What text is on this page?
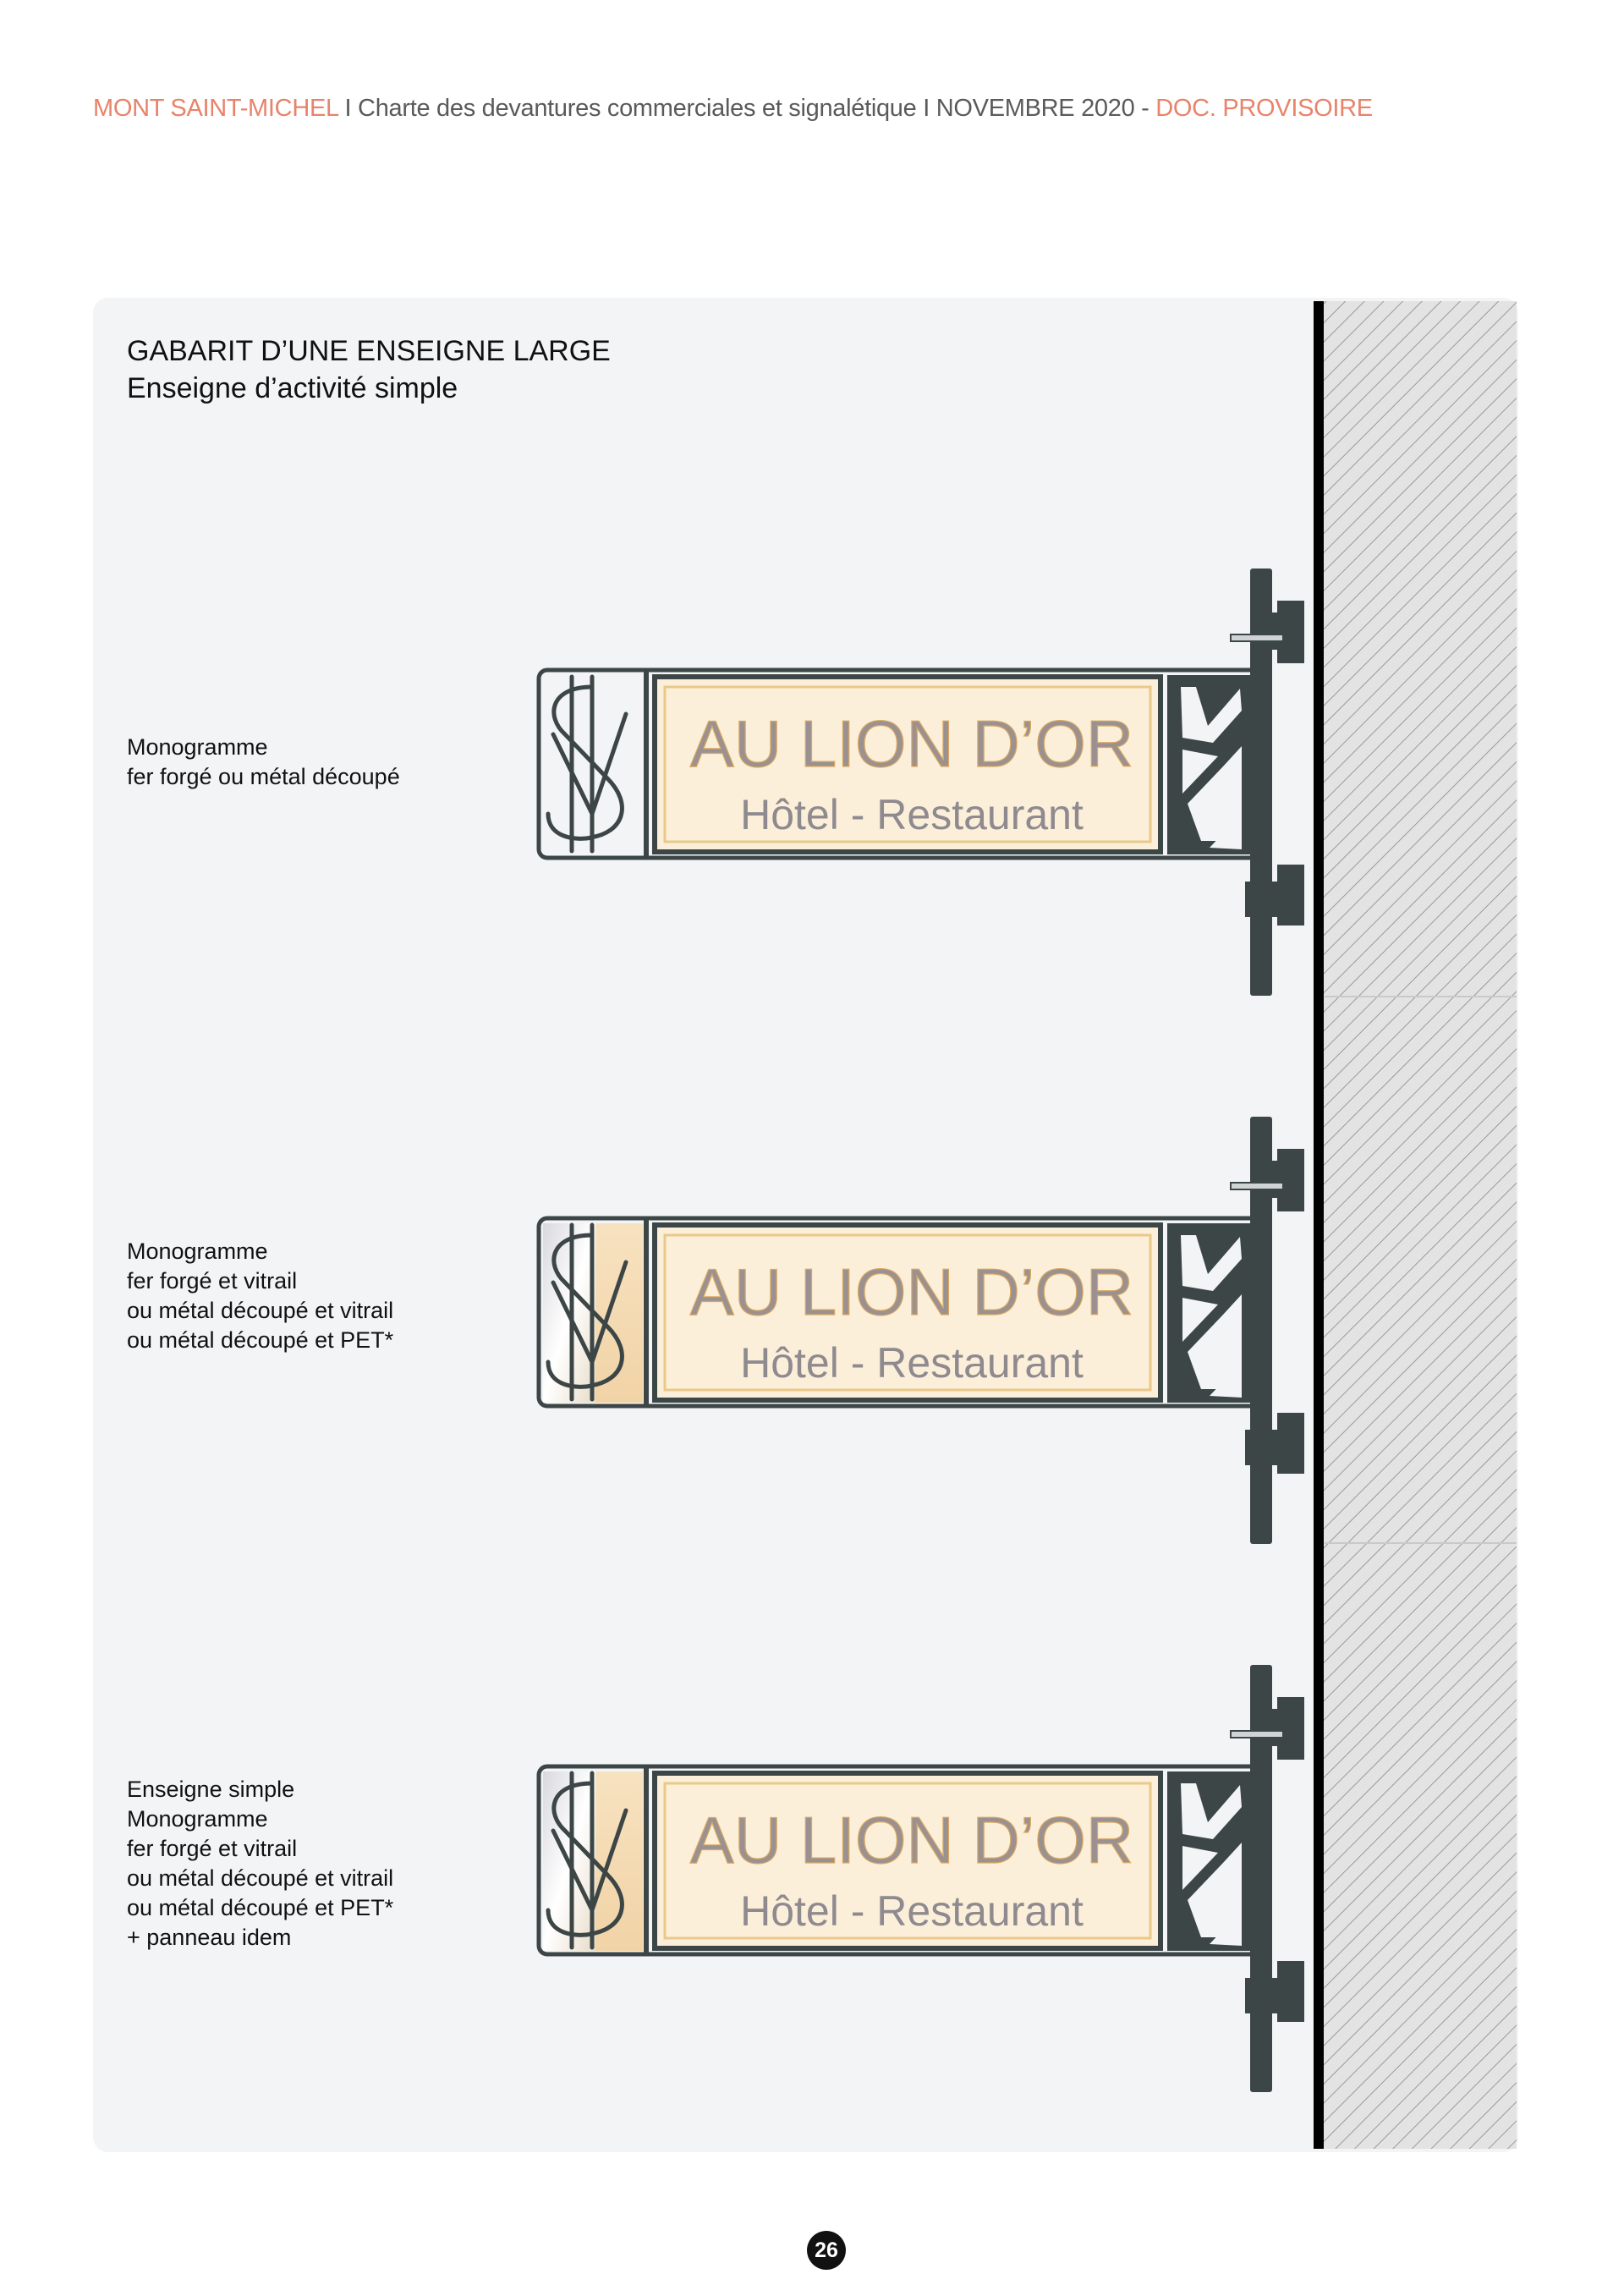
MONT SAINT-MICHEL I Charte des devantures commerciales et signalétique I NOVEMBRE 2020 - DOC. PROVISOIRE
GABARIT D’UNE ENSEIGNE LARGE
Enseigne d’activité simple
Monogramme
fer forgé ou métal découpé
Monogramme
fer forgé et vitrail
ou métal découpé et vitrail
ou métal découpé et PET*
Enseigne simple
Monogramme
fer forgé et vitrail
ou métal découpé et vitrail
ou métal découpé et PET*
+ panneau idem
AU LION D’OR
Hôtel - Restaurant
AU LION D’OR
Hôtel - Restaurant
AU LION D’OR
Hôtel - Restaurant
26
